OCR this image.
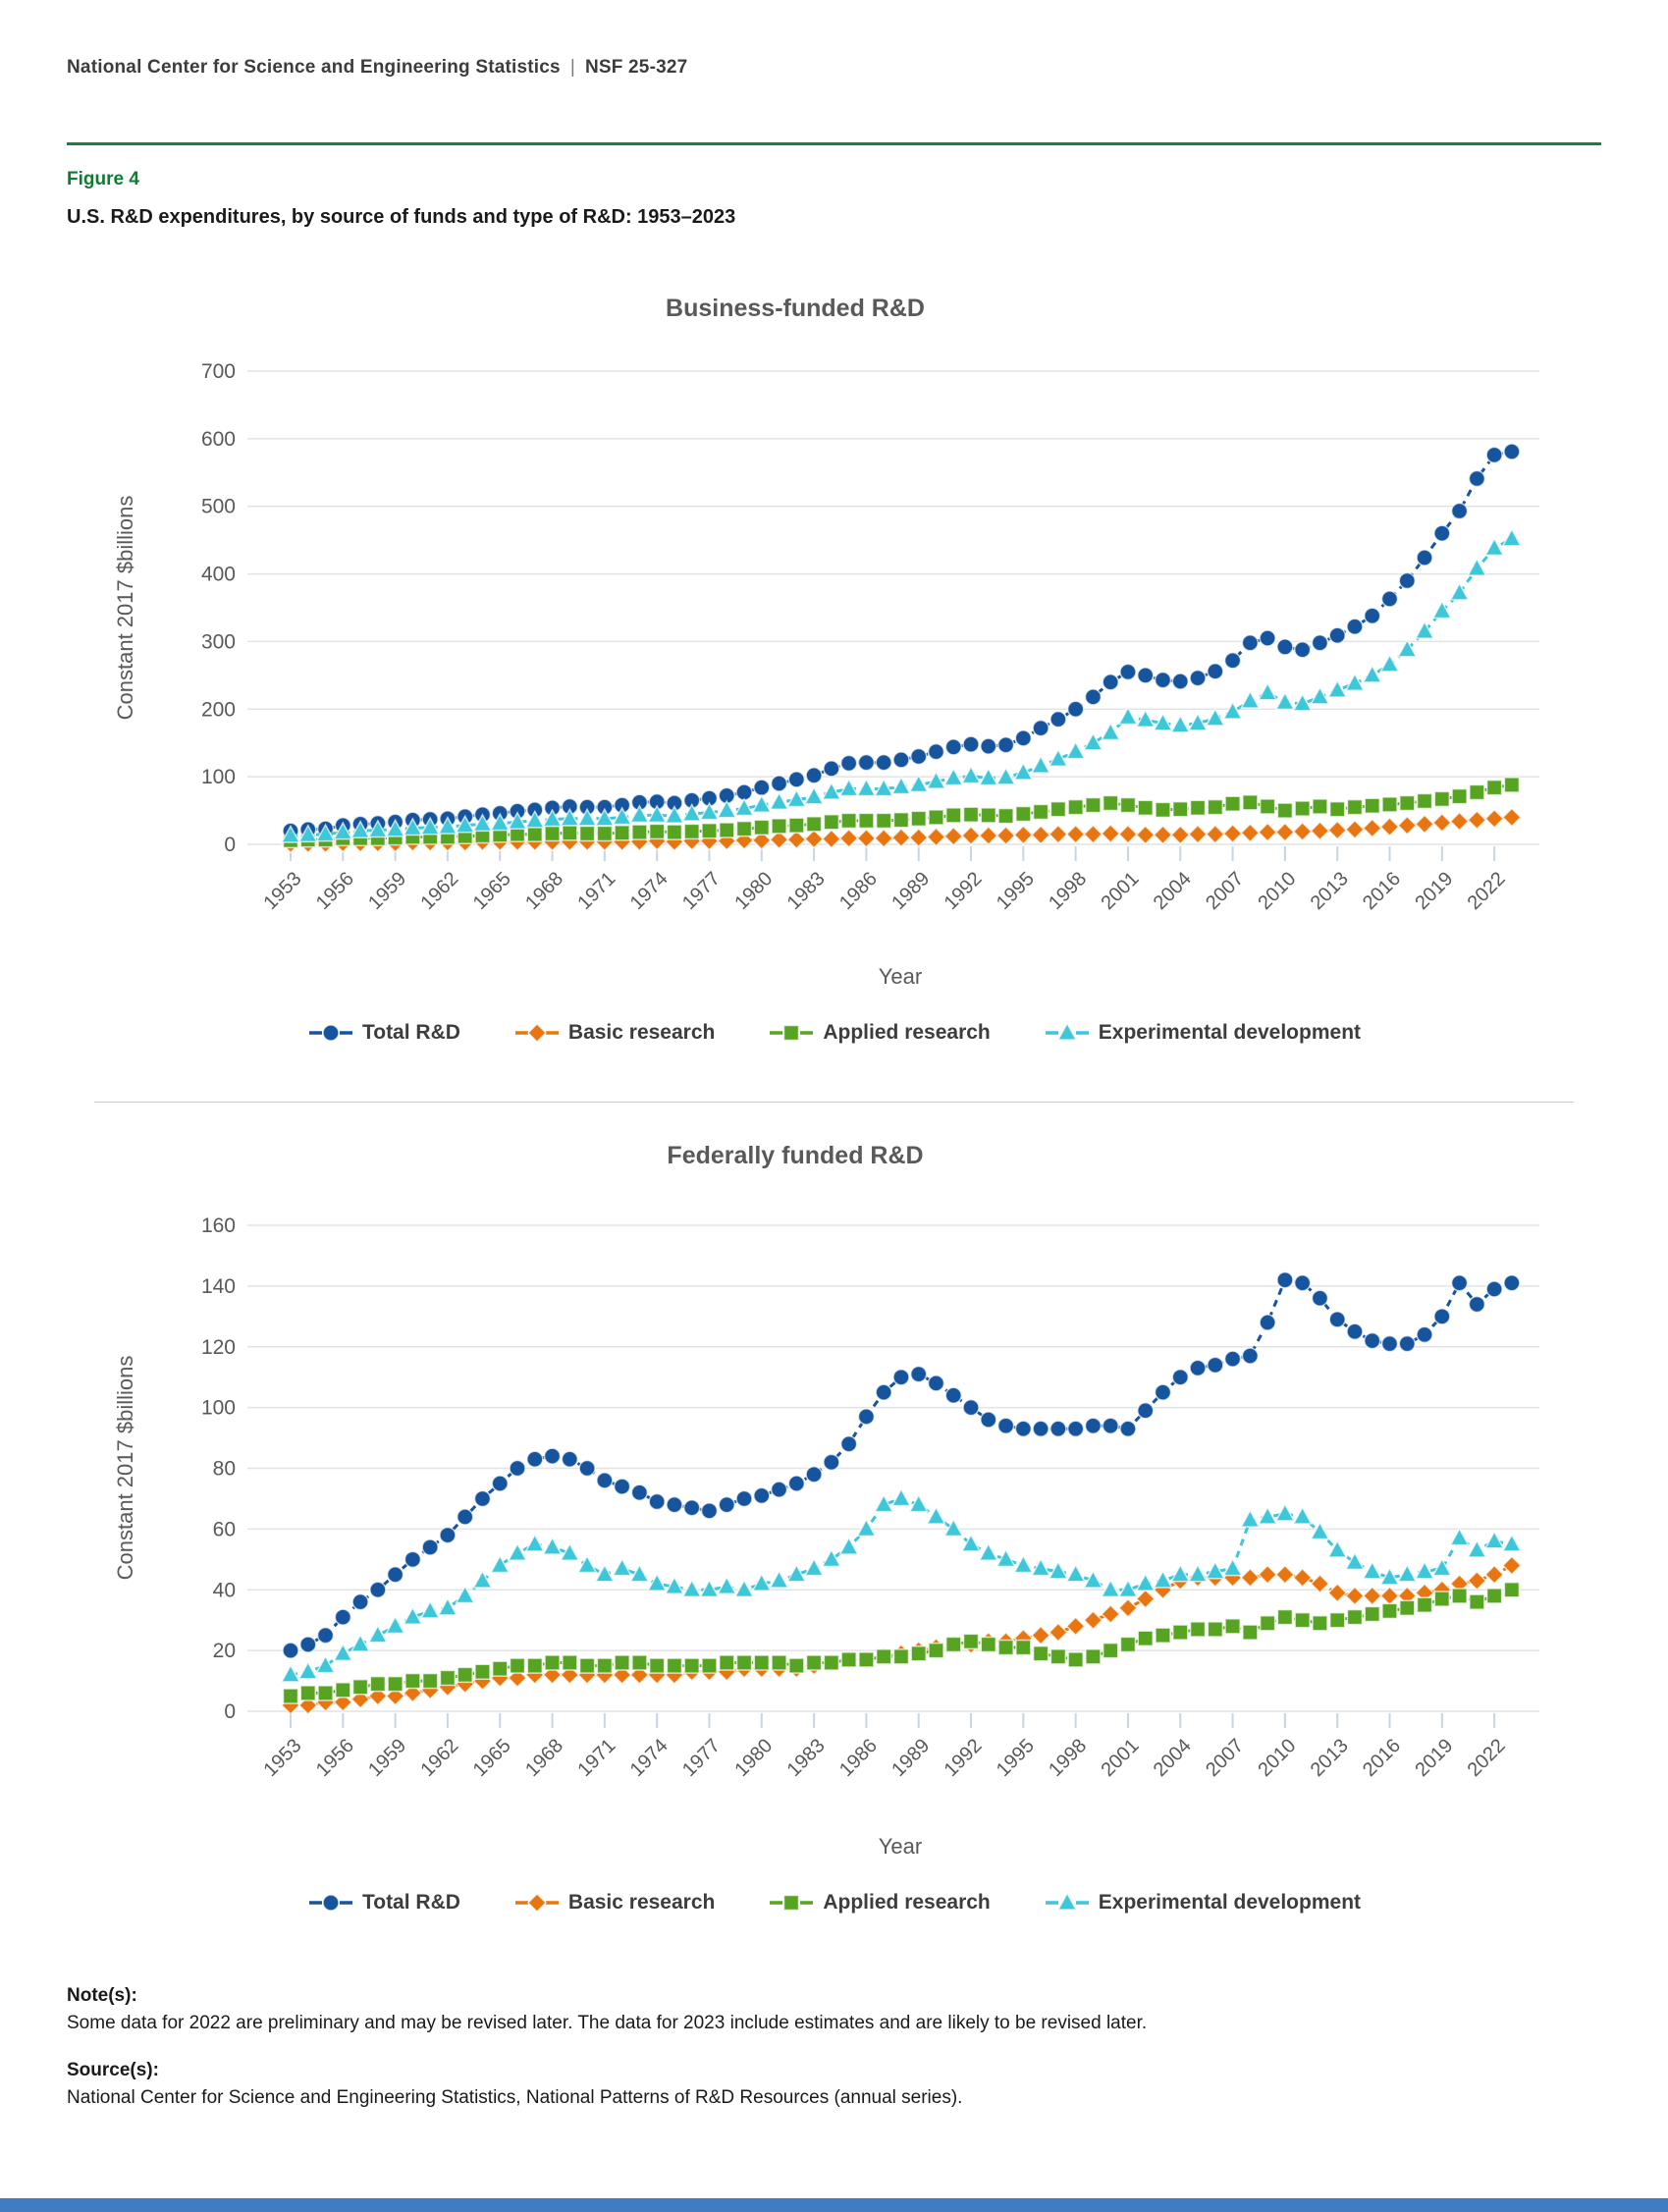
National Center for Science and Engineering Statistics | NSF 25-327
Figure 4
U.S. R&D expenditures, by source of funds and type of R&D: 1953–2023
Business-funded R&D
Constant 2017 $billions
0
100
200
300
400
500
600
700
1953 1956 1959 1962 1965 1968 1971 1974 1977 1980 1983 1986 1989 1992 1995 1998 2001 2004 2007 2010 2013 2016 2019 2022
Year
Total R&D	Basic research	Applied research	Experimental development
Federally funded R&D
Constant 2017 $billions
0
20
40
60
80
100
120
140
160
1953 1956 1959 1962 1965 1968 1971 1974 1977 1980 1983 1986 1989 1992 1995 1998 2001 2004 2007 2010 2013 2016 2019 2022
Year
Total R&D	Basic research	Applied research	Experimental development
Note(s):
Some data for 2022 are preliminary and may be revised later. The data for 2023 include estimates and are likely to be revised later.
Source(s):
National Center for Science and Engineering Statistics, National Patterns of R&D Resources (annual series).
